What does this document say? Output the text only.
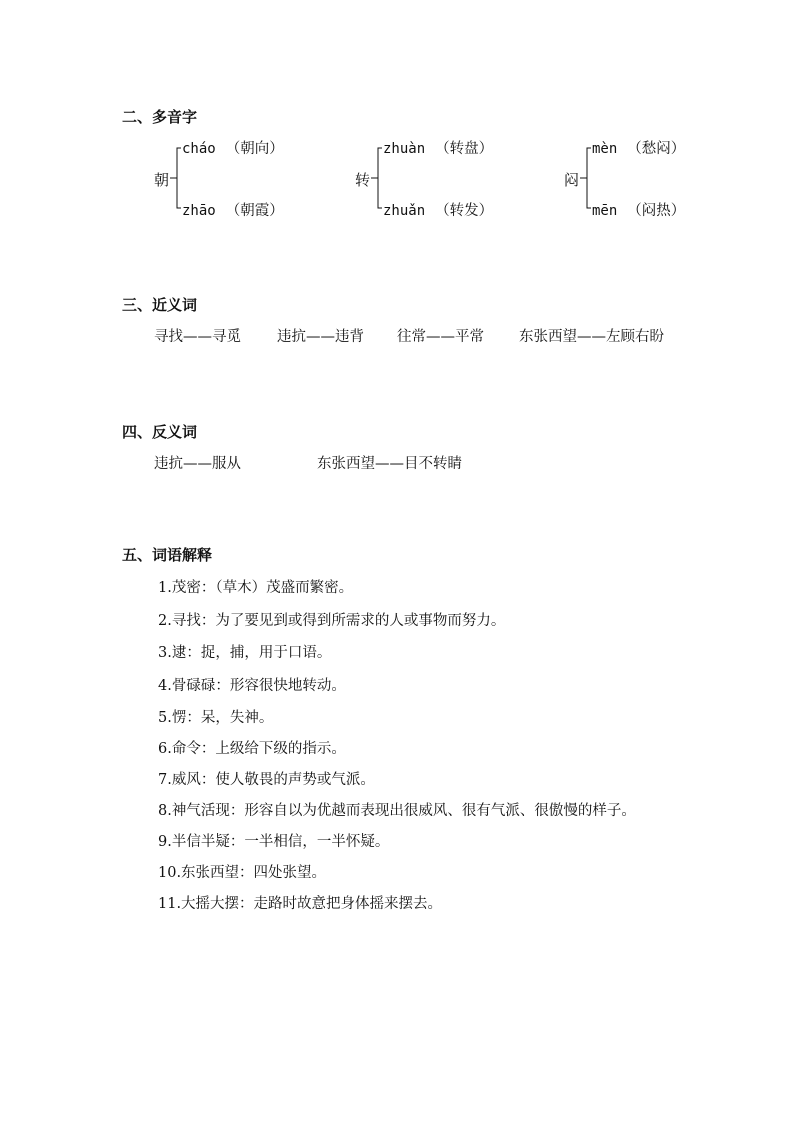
二、多音字
朝
cháo （朝向）
zhāo （朝霞）
转
zhuàn （转盘）
zhuǎn （转发）
闷
mèn （愁闷）
mēn （闷热）
三、近义词
寻找——寻觅 违抗——违背 往常——平常 东张西望——左顾右盼
四、反义词
违抗——服从	东张西望——目不转睛
五、词语解释
1.茂密：（草木）茂盛而繁密。
2.寻找：为了要见到或得到所需求的人或事物而努力。
3.逮：捉，捕，用于口语。
4.骨碌碌：形容很快地转动。
5.愣：呆，失神。
6.命令：上级给下级的指示。
7.威风：使人敬畏的声势或气派。
8.神气活现：形容自以为优越而表现出很威风、很有气派、很傲慢的样子。
9.半信半疑：一半相信，一半怀疑。
10.东张西望：四处张望。
11.大摇大摆：走路时故意把身体摇来摆去。
